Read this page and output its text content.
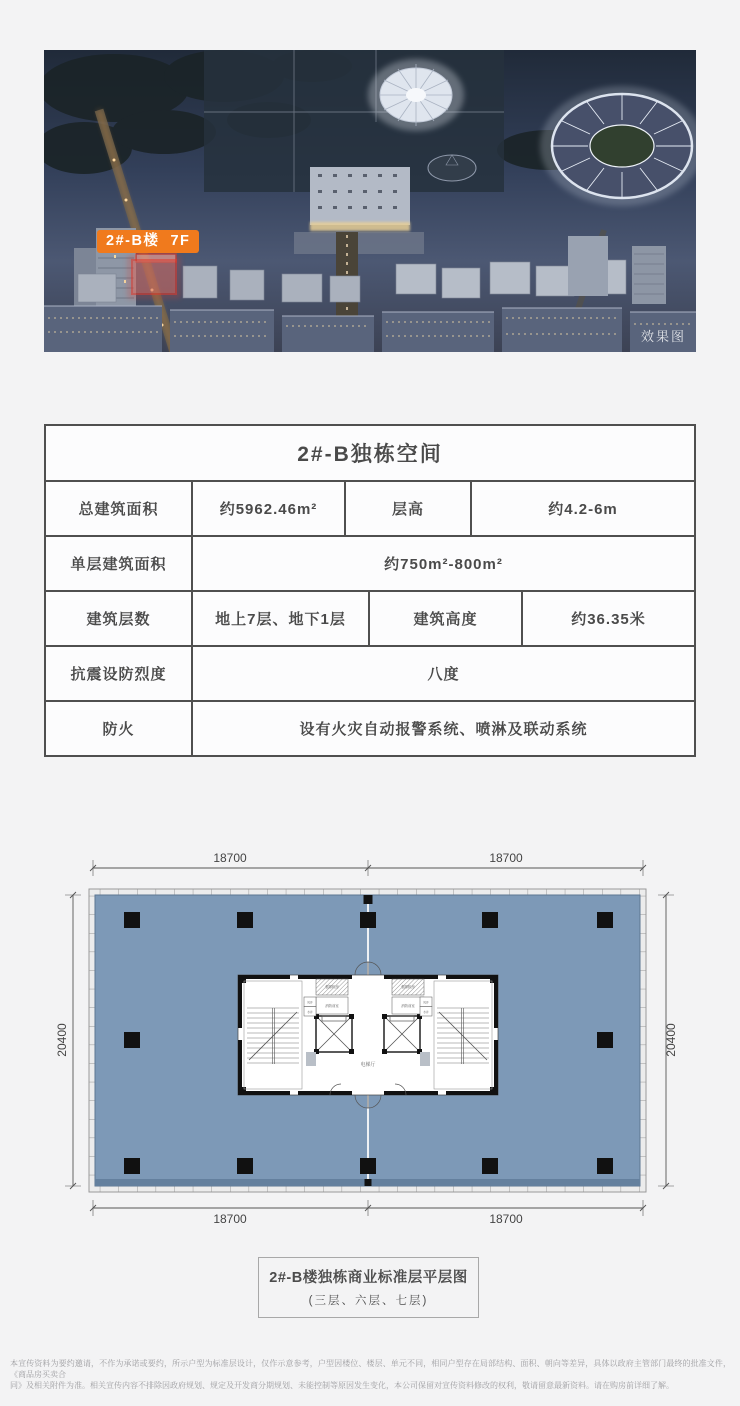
2#-B楼  7F
效果图
2#-B独栋空间
总建筑面积	约5962.46m²	层高	约4.2-6m
单层建筑面积	约750m²-800m²
建筑层数	地上7层、地下1层	建筑高度	约36.35米
抗震设防烈度	八度
防火	设有火灾自动报警系统、喷淋及联动系统
强排机房	强排机房
消防前室	消防前室
风井
水井
风井
水井
电梯厅
18700	18700
18700	18700
20400	20400
2#-B楼独栋商业标准层平层图
(三层、六层、七层)
本宣传资料为要约邀请，不作为承诺或要约，所示户型为标准层设计，仅作示意参考，户型因楼位、楼层、单元不同，相同户型存在局部结构、面积、朝向等差异，具体以政府主管部门最终的批准文件，《商品房买卖合
同》及相关附件为准。相关宣传内容不排除因政府规划、规定及开发商分期规划、未能控制等原因发生变化，本公司保留对宣传资料修改的权利，敬请留意最新资料。请在购房前详细了解。
